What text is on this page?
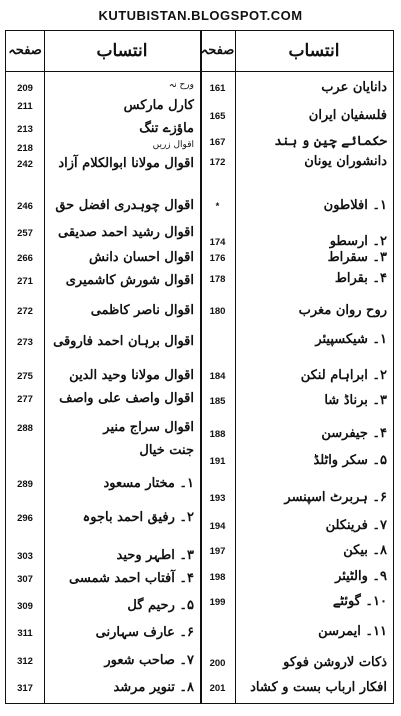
KUTUBISTAN.BLOGSPOT.COM
صفحہ	انتساب	صفحہ	انتساب
209	ورح نہ
211	کارل مارکس
213	ماؤزے تنگ
218	اقوال زریں
242	اقوال مولانا ابوالکلام آزاد
246	اقوال چوہدری افضل حق
257	اقوال رشید احمد صدیقی
266	اقوال احسان دانش
271	اقوال شورش کاشمیری
272	اقوال ناصر کاظمی
273	اقوال برہان احمد فاروقی
275	اقوال مولانا وحید الدین
277	اقوال واصف علی واصف
288	اقوال سراج منیر
جنت خیال
289	۱۔ مختار مسعود
296	۲۔ رفیق احمد باجوہ
303	۳۔ اطہر وحید
307	۴۔ آفتاب احمد شمسی
309	۵۔ رحیم گل
311	۶۔ عارف سہارنی
312	۷۔ صاحب شعور
317	۸۔ تنویر مرشد
161	دانایان عرب
165	فلسفیان ایران
167	حکمائے چین و ہند
172	دانشوران یونان
*	۱۔ افلاطون
174	۲۔ ارسطو
176	۳۔ سقراط
178	۴۔ بقراط
180	روح روان مغرب
۱۔ شیکسپیئر
184	۲۔ ابراہام لنکن
185	۳۔ برناڈ شا
188	۴۔ جیفرسن
191	۵۔ سکر واٹلڈ
193	۶۔ ہربرٹ اسپنسر
194	۷۔ فرینکلن
197	۸۔ بیکن
198	۹۔ والٹیئر
199	۱۰۔ گوئٹے
۱۱۔ ایمرسن
200	ذکات لاروشن فوکو
201	افکار ارباب بست و کشاد
